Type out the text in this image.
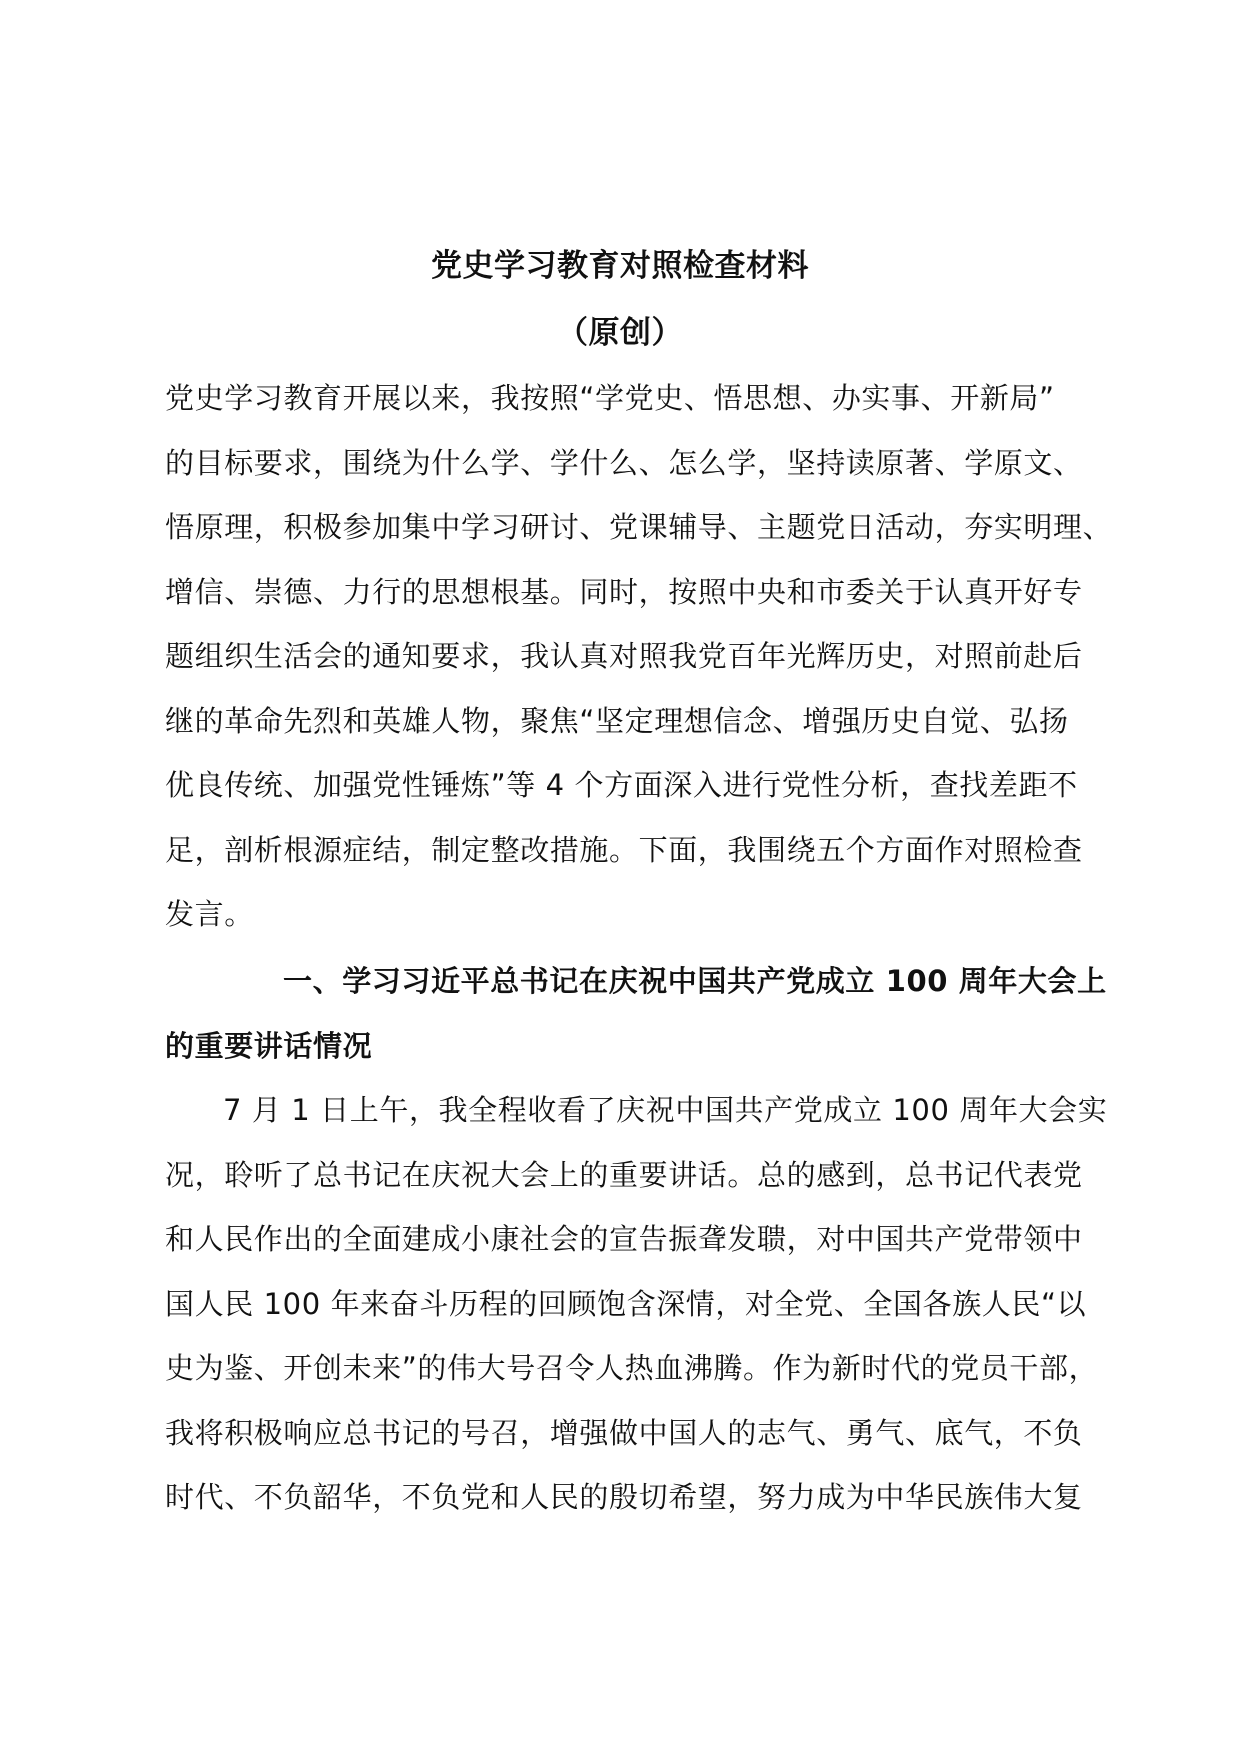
党史学习教育对照检查材料
（原创）
党史学习教育开展以来，我按照“学党史、悟思想、办实事、开新局”
的目标要求，围绕为什么学、学什么、怎么学，坚持读原著、学原文、
悟原理，积极参加集中学习研讨、党课辅导、主题党日活动，夯实明理、
增信、崇德、力行的思想根基。同时，按照中央和市委关于认真开好专
题组织生活会的通知要求，我认真对照我党百年光辉历史，对照前赴后
继的革命先烈和英雄人物，聚焦“坚定理想信念、增强历史自觉、弘扬
优良传统、加强党性锤炼”等 4 个方面深入进行党性分析，查找差距不
足，剖析根源症结，制定整改措施。下面，我围绕五个方面作对照检查
发言。
一、学习习近平总书记在庆祝中国共产党成立 100 周年大会上
的重要讲话情况
7 月 1 日上午，我全程收看了庆祝中国共产党成立 100 周年大会实
况，聆听了总书记在庆祝大会上的重要讲话。总的感到，总书记代表党
和人民作出的全面建成小康社会的宣告振聋发聩，对中国共产党带领中
国人民 100 年来奋斗历程的回顾饱含深情，对全党、全国各族人民“以
史为鉴、开创未来”的伟大号召令人热血沸腾。作为新时代的党员干部，
我将积极响应总书记的号召，增强做中国人的志气、勇气、底气，不负
时代、不负韶华，不负党和人民的殷切希望，努力成为中华民族伟大复
